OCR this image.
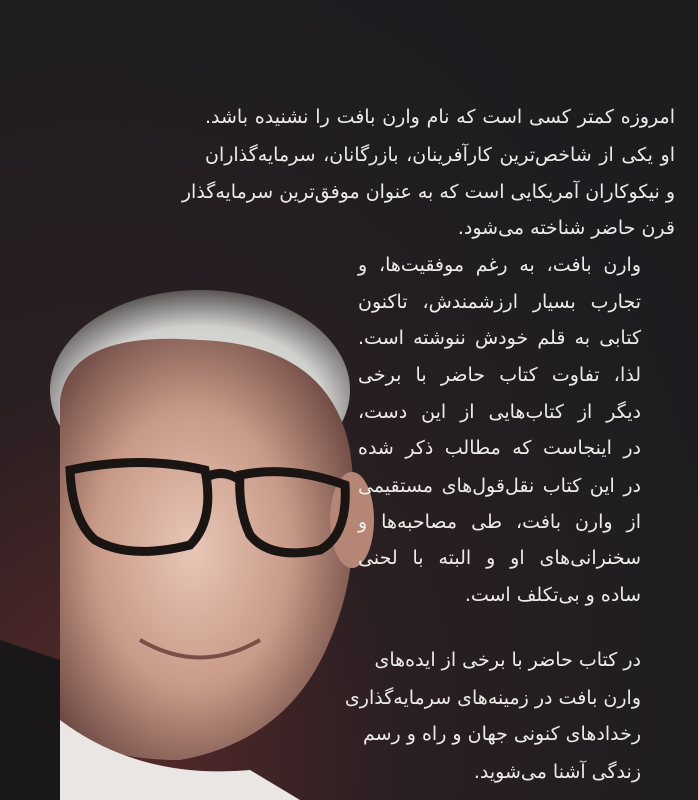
امروزه کمتر کسی است که نام وارن بافت را نشنیده باشد.
او یکی از شاخص‌ترین کارآفرینان، بازرگانان، سرمایه‌گذاران
و نیکوکاران آمریکایی است که به عنوان موفق‌ترین سرمایه‌گذار
قرن حاضر شناخته می‌شود.
وارن بافت، به رغم موفقیت‌ها، و
تجارب بسیار ارزشمندش، تاکنون
کتابی به قلم خودش ننوشته است.
لذا، تفاوت کتاب حاضر با برخی
دیگر از کتاب‌هایی از این دست،
در اینجاست که مطالب ذکر شده
در این کتاب نقل‌قول‌های مستقیمی
از وارن بافت، طی مصاحبه‌ها و
سخنرانی‌های او و البته با لحنی
ساده و بی‌تکلف است.
در کتاب حاضر با برخی از ایده‌های
وارن بافت در زمینه‌های سرمایه‌گذاری
رخدادهای کنونی جهان و راه و رسم
زندگی آشنا می‌شوید.
